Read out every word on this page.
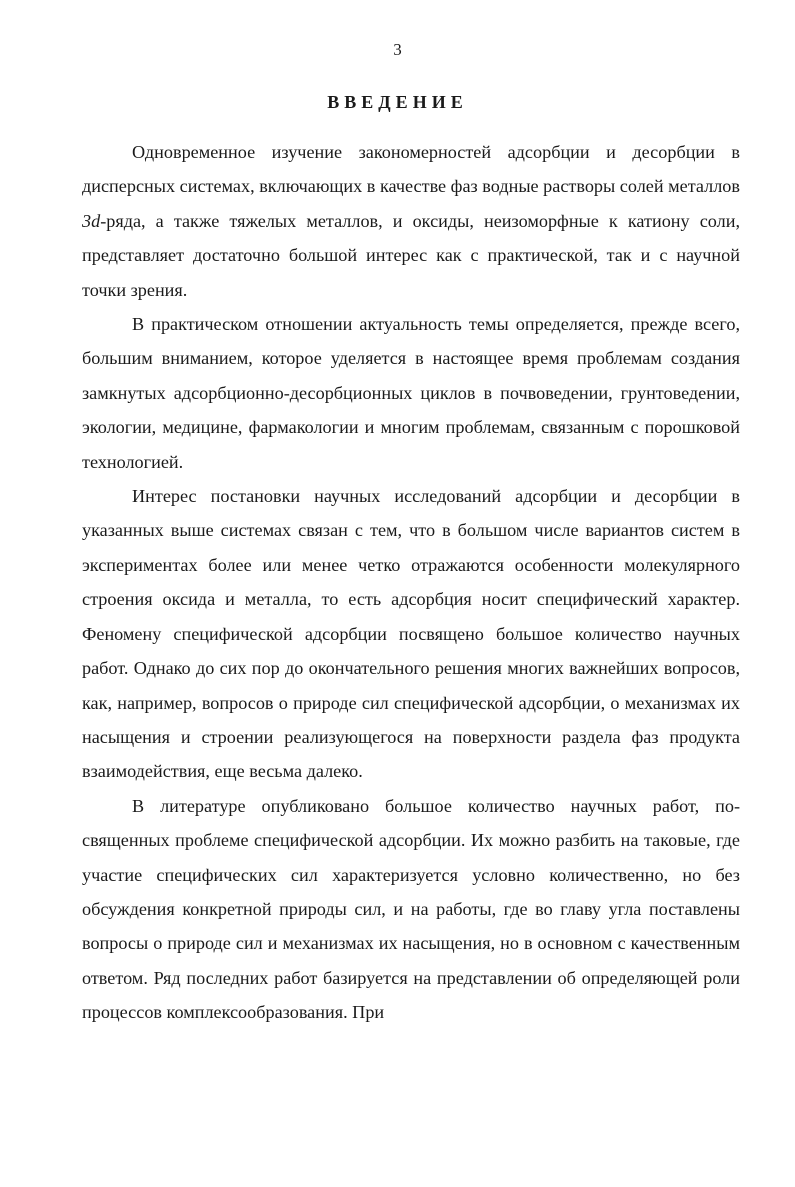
3
ВВЕДЕНИЕ

Одновременное изучение закономерностей адсорбции и десорбции в дисперсных системах, включающих в качестве фаз водные растворы солей металлов 3d-ряда, а также тяжелых металлов, и оксиды, неизоморфные к катиону соли, представляет достаточно большой интерес как с практической, так и с научной точки зрения.

В практическом отношении актуальность темы определяется, прежде всего, большим вниманием, которое уделяется в настоящее время проблемам создания замкнутых адсорбционно-десорбционных циклов в почвоведении, грунтоведении, экологии, медицине, фармакологии и многим проблемам, связанным с порошковой технологией.

Интерес постановки научных исследований адсорбции и десорбции в указанных выше системах связан с тем, что в большом числе вариантов систем в экспериментах более или менее четко отражаются особенности молекулярного строения оксида и металла, то есть адсорбция носит специфический характер. Феномену специфической адсорбции посвящено большое количество научных работ. Однако до сих пор до окончательного решения многих важнейших вопросов, как, например, вопросов о природе сил специфической адсорбции, о механизмах их насыщения и строении реализующегося на поверхности раздела фаз продукта взаимодействия, еще весьма далеко.

В литературе опубликовано большое количество научных работ, посвященных проблеме специфической адсорбции. Их можно разбить на таковые, где участие специфических сил характеризуется условно количественно, но без обсуждения конкретной природы сил, и на работы, где во главу угла поставлены вопросы о природе сил и механизмах их насыщения, но в основном с качественным ответом. Ряд последних работ базируется на представлении об определяющей роли процессов комплексообразования. При
